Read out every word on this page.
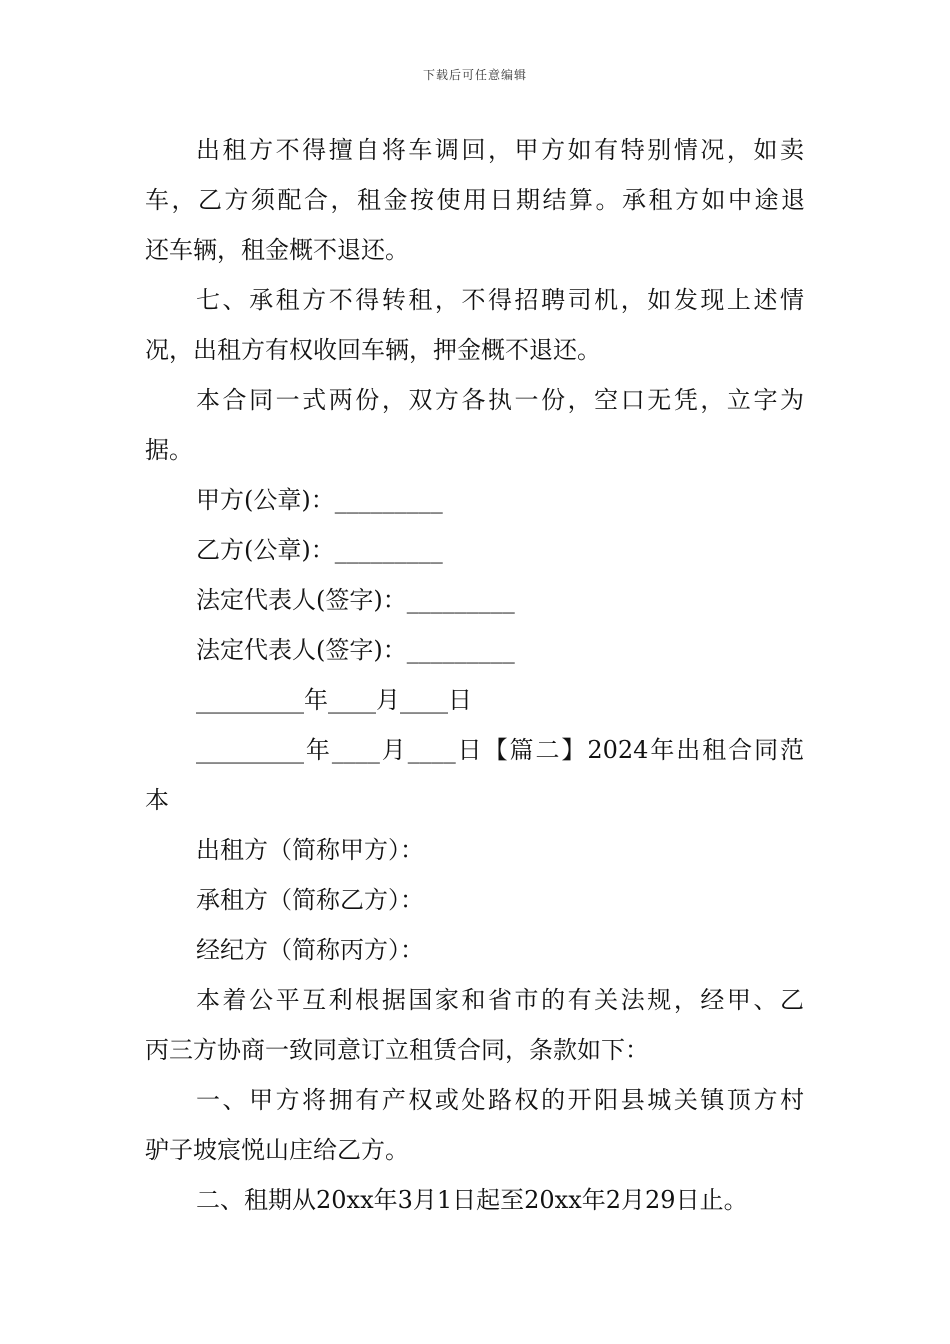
下载后可任意编辑
出租方不得擅自将车调回，甲方如有特别情况，如卖
车，乙方须配合，租金按使用日期结算。承租方如中途退
还车辆，租金概不退还。
七、承租方不得转租，不得招聘司机，如发现上述情
况，出租方有权收回车辆，押金概不退还。
本合同一式两份，双方各执一份，空口无凭，立字为
据。
甲方(公章)：_________
乙方(公章)：_________
法定代表人(签字)：_________
法定代表人(签字)：_________
_________年____月____日
_________年____月____日【篇二】2024年出租合同范
本
出租方（简称甲方）：
承租方（简称乙方）：
经纪方（简称丙方）：
本着公平互利根据国家和省市的有关法规，经甲、乙
丙三方协商一致同意订立租赁合同，条款如下：
一、甲方将拥有产权或处路权的开阳县城关镇顶方村
驴子坡宸悦山庄给乙方。
二、租期从20xx年3月1日起至20xx年2月29日止。
